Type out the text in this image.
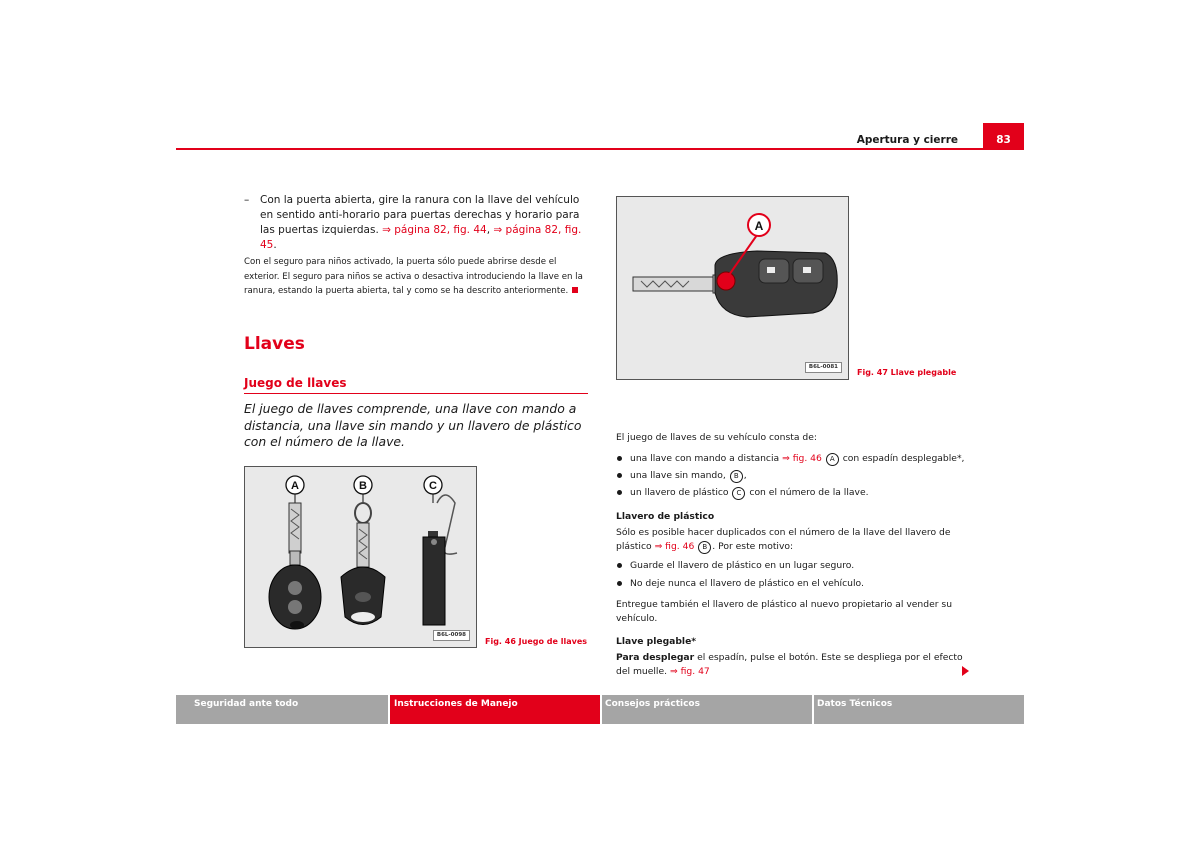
Apertura y cierre	83
– Con la puerta abierta, gire la ranura con la llave del vehículo en sentido anti-horario para puertas derechas y horario para las puertas izquierdas. ⇒ página 82, fig. 44, ⇒ página 82, fig. 45.
Con el seguro para niños activado, la puerta sólo puede abrirse desde el exterior. El seguro para niños se activa o desactiva introduciendo la llave en la ranura, estando la puerta abierta, tal y como se ha descrito anteriormente.
Llaves
Juego de llaves
El juego de llaves comprende, una llave con mando a distancia, una llave sin mando y un llavero de plástico con el número de la llave.
A	B	C
B6L-0098
Fig. 46 Juego de llaves
A
B6L-0081
Fig. 47 Llave plegable
El juego de llaves de su vehículo consta de:
una llave con mando a distancia ⇒ fig. 46 A con espadín desplegable*,
una llave sin mando, B ,
un llavero de plástico C con el número de la llave.
Llavero de plástico
Sólo es posible hacer duplicados con el número de la llave del llavero de plástico ⇒ fig. 46 B . Por este motivo:
Guarde el llavero de plástico en un lugar seguro.
No deje nunca el llavero de plástico en el vehículo.
Entregue también el llavero de plástico al nuevo propietario al vender su vehículo.
Llave plegable*
Para desplegar el espadín, pulse el botón. Este se despliega por el efecto del muelle. ⇒ fig. 47
Seguridad ante todo	Instrucciones de Manejo	Consejos prácticos	Datos Técnicos
